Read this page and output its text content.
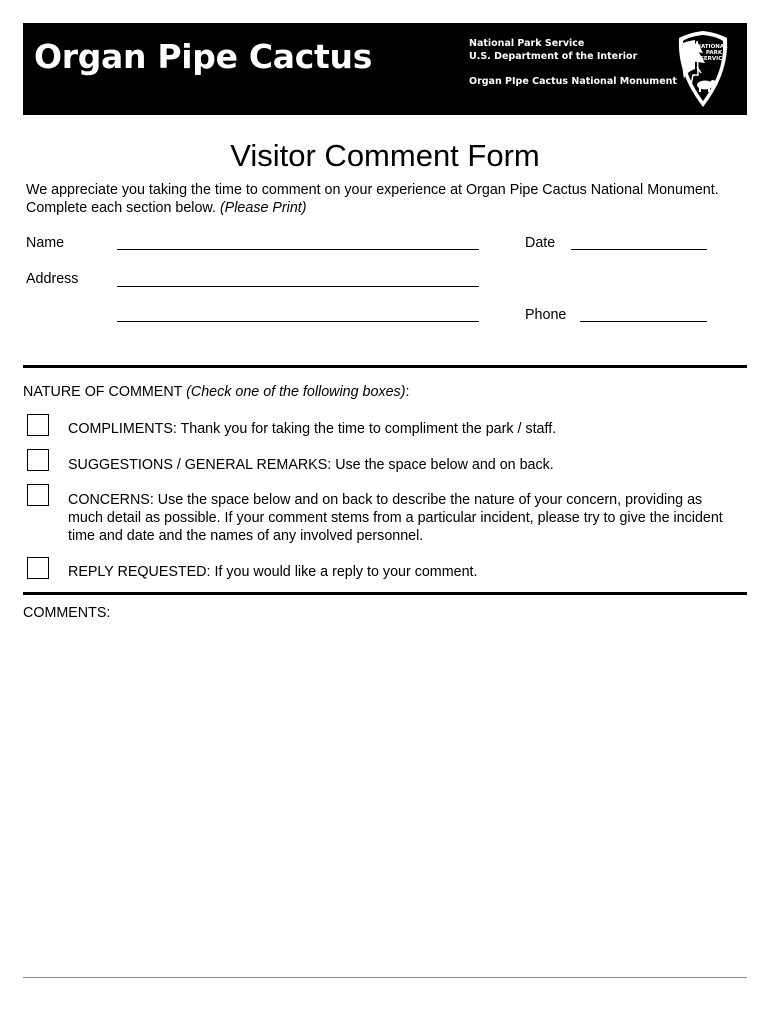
Organ Pipe Cactus	National Park Service
U.S. Department of the Interior
Organ PIpe Cactus National Monument
NATIONAL
PARK
SERVICE
Visitor Comment Form
We appreciate you taking the time to comment on your experience at Organ Pipe Cactus National Monument. Complete each section below. (Please Print)
Name	Date
Address
Phone
NATURE OF COMMENT (Check one of the following boxes):
COMPLIMENTS: Thank you for taking the time to compliment the park / staff.
SUGGESTIONS / GENERAL REMARKS: Use the space below and on back.
CONCERNS: Use the space below and on back to describe the nature of your concern, providing as much detail as possible. If your comment stems from a particular incident, please try to give the incident time and date and the names of any involved personnel.
REPLY REQUESTED: If you would like a reply to your comment.
COMMENTS:
